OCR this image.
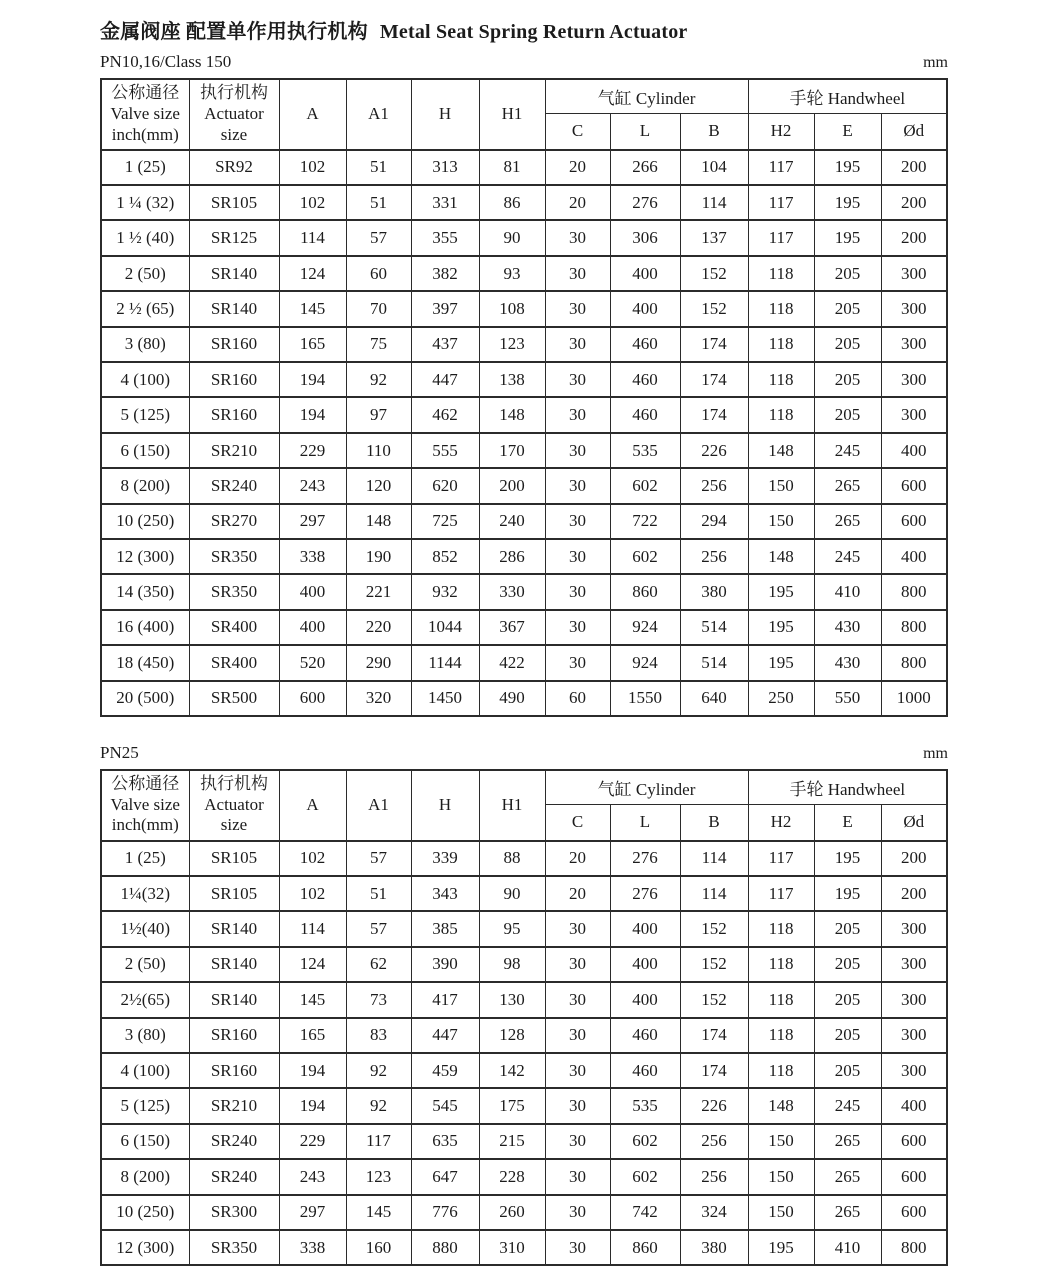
金属阀座 配置单作用执行机构 Metal Seat Spring Return Actuator
PN10,16/Class 150	mm
公称通径
Valve size
inch(mm)	执行机构
Actuator
size	A	A1	H	H1	气缸 Cylinder			手轮 Handwheel		
						C	L	B	H2	E	Ød
1 (25)	SR92	102	51	313	81	20	266	104	117	195	200
1 ¼ (32)	SR105	102	51	331	86	20	276	114	117	195	200
1 ½ (40)	SR125	114	57	355	90	30	306	137	117	195	200
2 (50)	SR140	124	60	382	93	30	400	152	118	205	300
2 ½ (65)	SR140	145	70	397	108	30	400	152	118	205	300
3 (80)	SR160	165	75	437	123	30	460	174	118	205	300
4 (100)	SR160	194	92	447	138	30	460	174	118	205	300
5 (125)	SR160	194	97	462	148	30	460	174	118	205	300
6 (150)	SR210	229	110	555	170	30	535	226	148	245	400
8 (200)	SR240	243	120	620	200	30	602	256	150	265	600
10 (250)	SR270	297	148	725	240	30	722	294	150	265	600
12 (300)	SR350	338	190	852	286	30	602	256	148	245	400
14 (350)	SR350	400	221	932	330	30	860	380	195	410	800
16 (400)	SR400	400	220	1044	367	30	924	514	195	430	800
18 (450)	SR400	520	290	1144	422	30	924	514	195	430	800
20 (500)	SR500	600	320	1450	490	60	1550	640	250	550	1000
PN25	mm
公称通径
Valve size
inch(mm)	执行机构
Actuator
size	A	A1	H	H1	气缸 Cylinder			手轮 Handwheel		
						C	L	B	H2	E	Ød
1 (25)	SR105	102	57	339	88	20	276	114	117	195	200
1¼(32)	SR105	102	51	343	90	20	276	114	117	195	200
1½(40)	SR140	114	57	385	95	30	400	152	118	205	300
2 (50)	SR140	124	62	390	98	30	400	152	118	205	300
2½(65)	SR140	145	73	417	130	30	400	152	118	205	300
3 (80)	SR160	165	83	447	128	30	460	174	118	205	300
4 (100)	SR160	194	92	459	142	30	460	174	118	205	300
5 (125)	SR210	194	92	545	175	30	535	226	148	245	400
6 (150)	SR240	229	117	635	215	30	602	256	150	265	600
8 (200)	SR240	243	123	647	228	30	602	256	150	265	600
10 (250)	SR300	297	145	776	260	30	742	324	150	265	600
12 (300)	SR350	338	160	880	310	30	860	380	195	410	800
